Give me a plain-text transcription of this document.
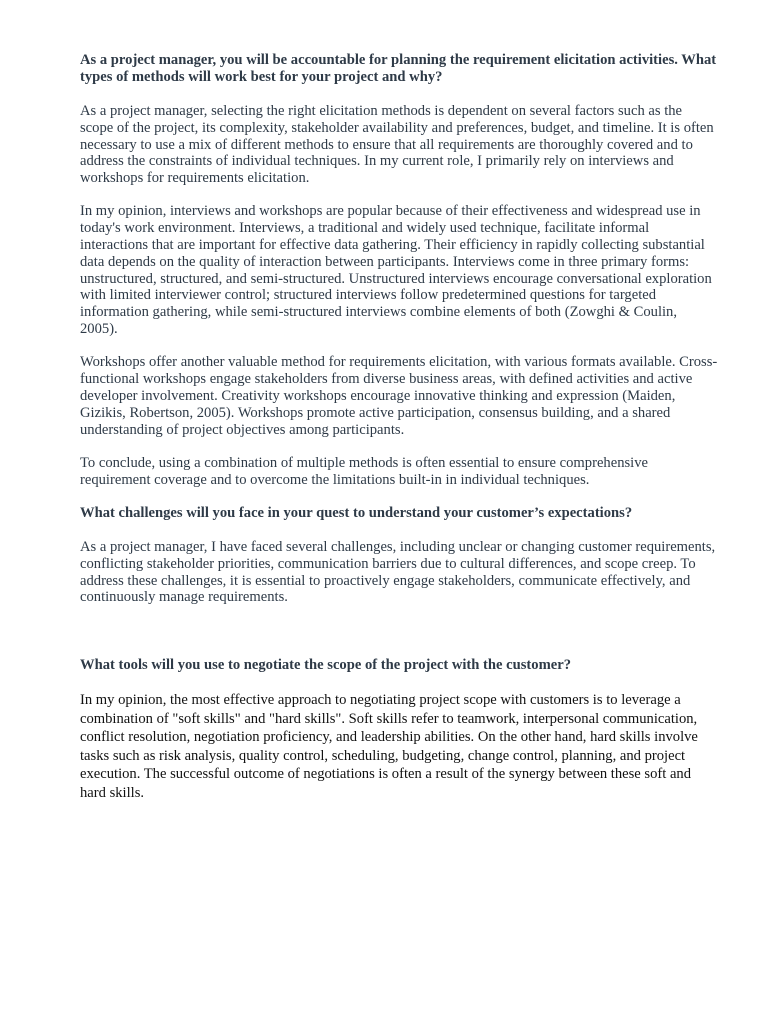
As a project manager, you will be accountable for planning the requirement elicitation activities. What types of methods will work best for your project and why?
As a project manager, selecting the right elicitation methods is dependent on several factors such as the scope of the project, its complexity, stakeholder availability and preferences, budget, and timeline. It is often necessary to use a mix of different methods to ensure that all requirements are thoroughly covered and to address the constraints of individual techniques. In my current role, I primarily rely on interviews and workshops for requirements elicitation.
In my opinion, interviews and workshops are popular because of their effectiveness and widespread use in today's work environment. Interviews, a traditional and widely used technique, facilitate informal interactions that are important for effective data gathering. Their efficiency in rapidly collecting substantial data depends on the quality of interaction between participants. Interviews come in three primary forms: unstructured, structured, and semi-structured. Unstructured interviews encourage conversational exploration with limited interviewer control; structured interviews follow predetermined questions for targeted information gathering, while semi-structured interviews combine elements of both (Zowghi & Coulin, 2005).
Workshops offer another valuable method for requirements elicitation, with various formats available. Cross-functional workshops engage stakeholders from diverse business areas, with defined activities and active developer involvement. Creativity workshops encourage innovative thinking and expression (Maiden, Gizikis, Robertson, 2005). Workshops promote active participation, consensus building, and a shared understanding of project objectives among participants.
To conclude, using a combination of multiple methods is often essential to ensure comprehensive requirement coverage and to overcome the limitations built-in in individual techniques.
What challenges will you face in your quest to understand your customer’s expectations?
As a project manager, I have faced several challenges, including unclear or changing customer requirements, conflicting stakeholder priorities, communication barriers due to cultural differences, and scope creep. To address these challenges, it is essential to proactively engage stakeholders, communicate effectively, and continuously manage requirements.
What tools will you use to negotiate the scope of the project with the customer?
In my opinion, the most effective approach to negotiating project scope with customers is to leverage a combination of "soft skills" and "hard skills". Soft skills refer to teamwork, interpersonal communication, conflict resolution, negotiation proficiency, and leadership abilities. On the other hand, hard skills involve tasks such as risk analysis, quality control, scheduling, budgeting, change control, planning, and project execution. The successful outcome of negotiations is often a result of the synergy between these soft and hard skills.
